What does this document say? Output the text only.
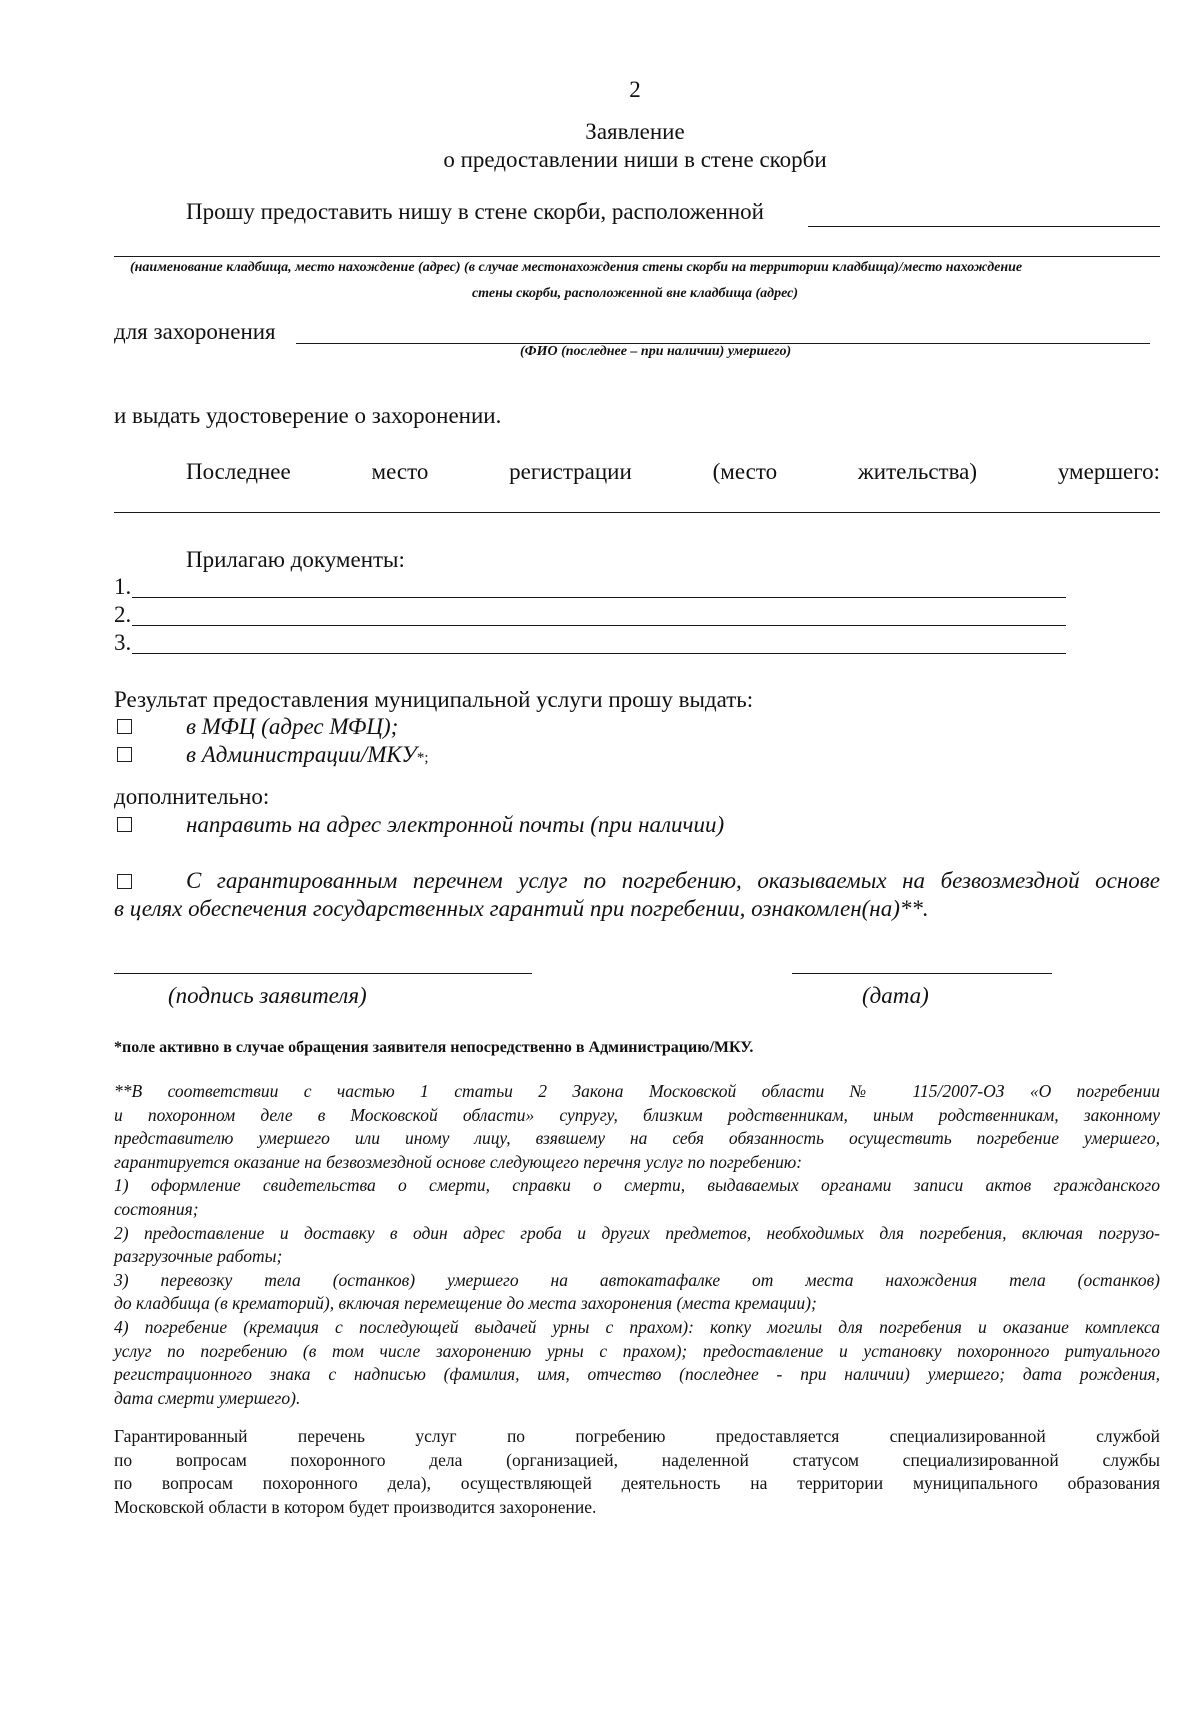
2
Заявление
о предоставлении ниши в стене скорби
Прошу предоставить нишу в стене скорби, расположенной
(наименование кладбища, место нахождение (адрес) (в случае местонахождения стены скорби на территории кладбища)/место нахождение
стены скорби, расположенной вне кладбища (адрес)
для захоронения
(ФИО (последнее – при наличии) умершего)
и выдать удостоверение о захоронении.
Последнее	место	регистрации	(место	жительства)	умершего:
Прилагаю документы:
1.
2.
3.
Результат предоставления муниципальной услуги прошу выдать:
в МФЦ (адрес МФЦ);
в Администрации/МКУ*;
дополнительно:
направить на адрес электронной почты (при наличии)
С гарантированным перечнем услуг по погребению, оказываемых на безвозмездной основе
в целях обеспечения государственных гарантий при погребении, ознакомлен(на)**.
(подпись заявителя)	(дата)
*поле активно в случае обращения заявителя непосредственно в Администрацию/МКУ.
**В соответствии с частью 1 статьи 2 Закона Московской области № 115/2007-ОЗ «О погребении
и похоронном деле в Московской области» супругу, близким родственникам, иным родственникам, законному
представителю умершего или иному лицу, взявшему на себя обязанность осуществить погребение умершего,
гарантируется оказание на безвозмездной основе следующего перечня услуг по погребению:
1) оформление свидетельства о смерти, справки о смерти, выдаваемых органами записи актов гражданского
состояния;
2) предоставление и доставку в один адрес гроба и других предметов, необходимых для погребения, включая погрузо-
разгрузочные работы;
3) перевозку тела (останков) умершего на автокатафалке от места нахождения тела (останков)
до кладбища (в крематорий), включая перемещение до места захоронения (места кремации);
4) погребение (кремация с последующей выдачей урны с прахом): копку могилы для погребения и оказание комплекса
услуг по погребению (в том числе захоронению урны с прахом); предоставление и установку похоронного ритуального
регистрационного знака с надписью (фамилия, имя, отчество (последнее - при наличии) умершего; дата рождения,
дата смерти умершего).
Гарантированный перечень услуг по погребению предоставляется специализированной службой
по вопросам похоронного дела (организацией, наделенной статусом специализированной службы
по вопросам похоронного дела), осуществляющей деятельность на территории муниципального образования
Московской области в котором будет производится захоронение.
